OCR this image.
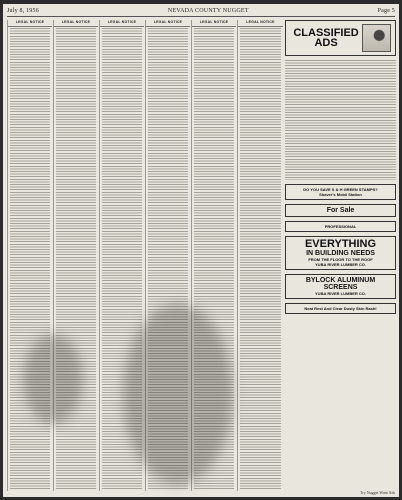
July 8, 1956	NEVADA COUNTY NUGGET	Page 5
LEGAL NOTICE	LEGAL NOTICE	LEGAL NOTICE	LEGAL NOTICE	LEGAL NOTICE	LEGAL NOTICE
CLASSIFIED ADS
DO YOU SAVE S & H GREEN STAMPS?
Shaver's Mobil Station
For Sale
PROFESSIONAL
EVERYTHING
IN BUILDING NEEDS
FROM THE FLOOR TO THE ROOF
YUBA RIVER LUMBER CO.
BYLOCK ALUMINUM SCREENS
YUBA RIVER LUMBER CO.
Neat Rest And Clear Dusty Skin Rash!
Try Nugget Want Ads
